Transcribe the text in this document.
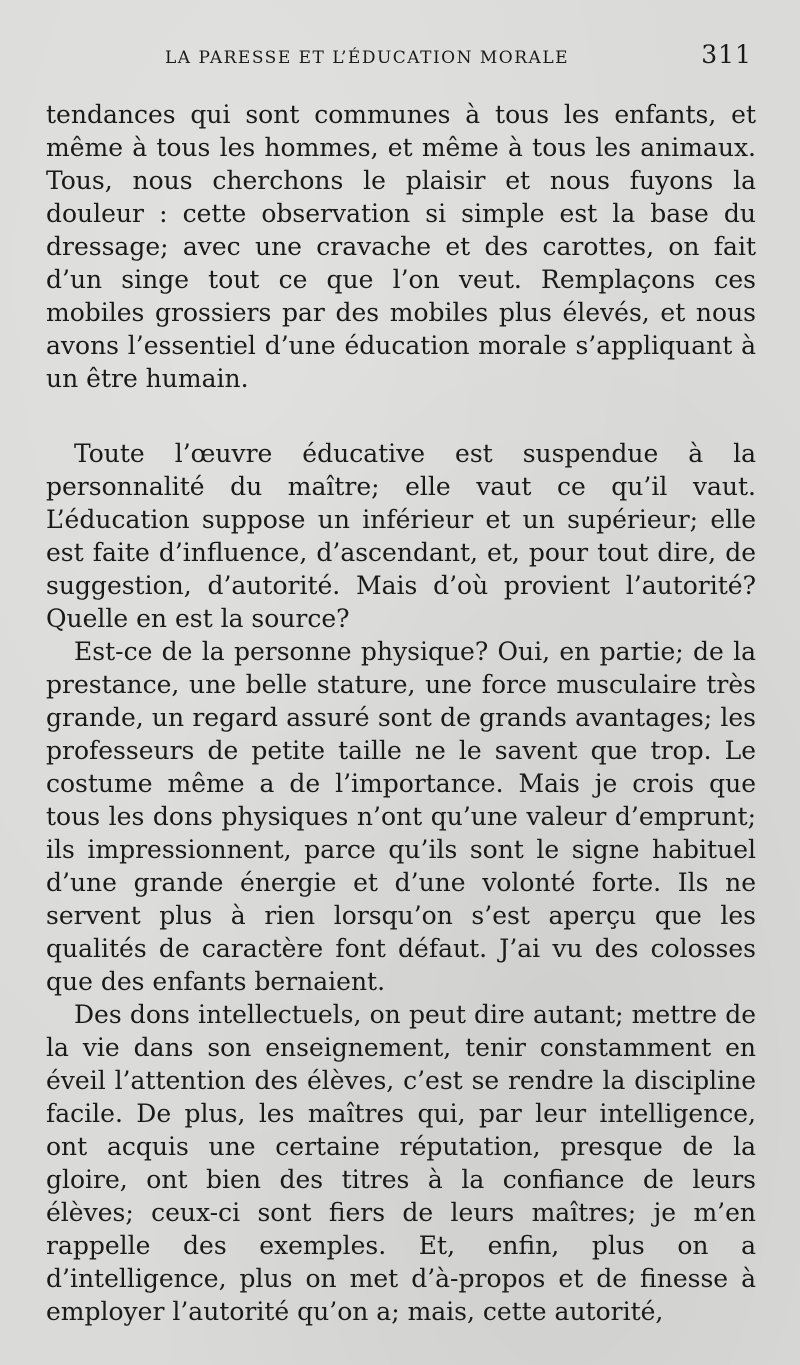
LA PARESSE ET L’ÉDUCATION MORALE	311

tendances qui sont communes à tous les enfants, et même à tous les hommes, et même à tous les animaux. Tous, nous cherchons le plaisir et nous fuyons la douleur : cette observation si simple est la base du dressage; avec une cravache et des carottes, on fait d’un singe tout ce que l’on veut. Remplaçons ces mobiles grossiers par des mobiles plus élevés, et nous avons l’essentiel d’une éducation morale s’appliquant à un être humain.

Toute l’œuvre éducative est suspendue à la personnalité du maître; elle vaut ce qu’il vaut. L’éducation suppose un inférieur et un supérieur; elle est faite d’influence, d’ascendant, et, pour tout dire, de suggestion, d’autorité. Mais d’où provient l’autorité? Quelle en est la source?

Est-ce de la personne physique? Oui, en partie; de la prestance, une belle stature, une force musculaire très grande, un regard assuré sont de grands avantages; les professeurs de petite taille ne le savent que trop. Le costume même a de l’importance. Mais je crois que tous les dons physiques n’ont qu’une valeur d’emprunt; ils impressionnent, parce qu’ils sont le signe habituel d’une grande énergie et d’une volonté forte. Ils ne servent plus à rien lorsqu’on s’est aperçu que les qualités de caractère font défaut. J’ai vu des colosses que des enfants bernaient.

Des dons intellectuels, on peut dire autant; mettre de la vie dans son enseignement, tenir constamment en éveil l’attention des élèves, c’est se rendre la discipline facile. De plus, les maîtres qui, par leur intelligence, ont acquis une certaine réputation, presque de la gloire, ont bien des titres à la confiance de leurs élèves; ceux-ci sont fiers de leurs maîtres; je m’en rappelle des exemples. Et, enfin, plus on a d’intelligence, plus on met d’à-propos et de finesse à employer l’autorité qu’on a; mais, cette autorité,
